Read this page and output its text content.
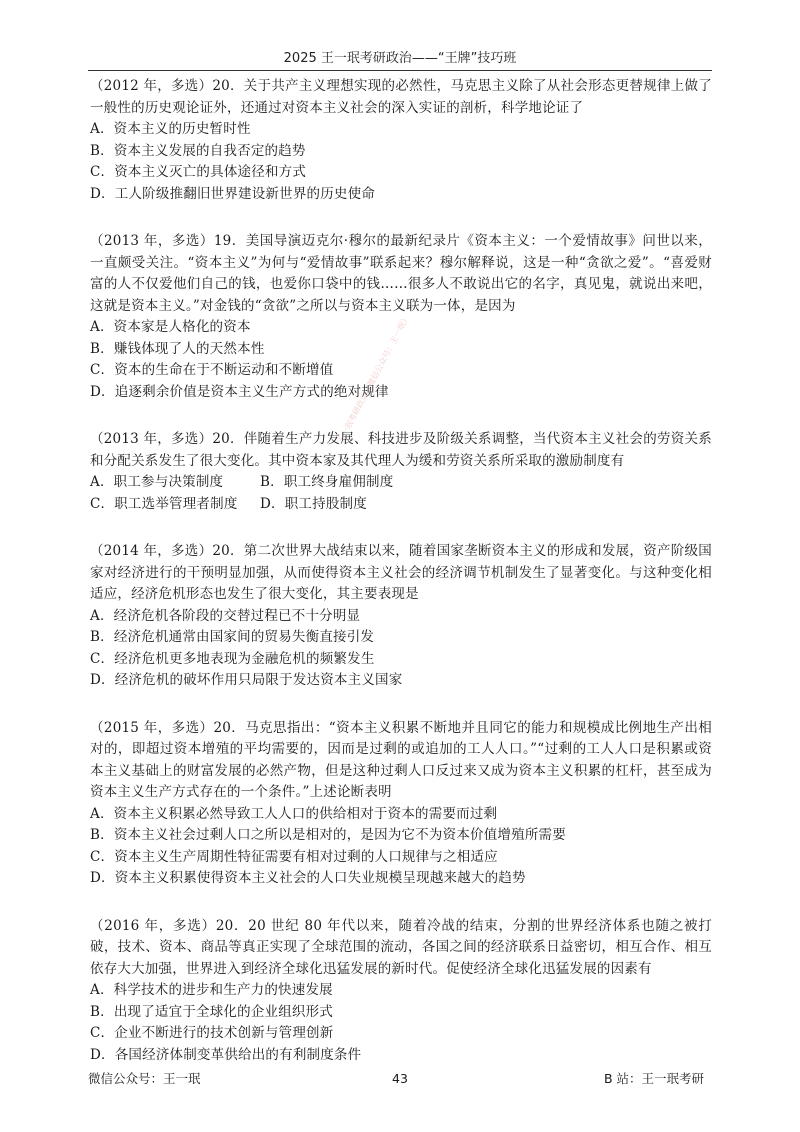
2025 王一珉考研政治——“王牌”技巧班
王一珉考研政治（微信公众号：王一珉）

（2012 年，多选）20．关于共产主义理想实现的必然性，马克思主义除了从社会形态更替规律上做了一般性的历史观论证外，还通过对资本主义社会的深入实证的剖析，科学地论证了

A．资本主义的历史暂时性

B．资本主义发展的自我否定的趋势

C．资本主义灭亡的具体途径和方式

D．工人阶级推翻旧世界建设新世界的历史使命

（2013 年，多选）19．美国导演迈克尔·穆尔的最新纪录片《资本主义：一个爱情故事》问世以来，一直颇受关注。“资本主义”为何与“爱情故事”联系起来？穆尔解释说，这是一种“贪欲之爱”。“喜爱财富的人不仅爱他们自己的钱，也爱你口袋中的钱……很多人不敢说出它的名字，真见鬼，就说出来吧，这就是资本主义。”对金钱的“贪欲”之所以与资本主义联为一体，是因为

A．资本家是人格化的资本

B．赚钱体现了人的天然本性

C．资本的生命在于不断运动和不断增值

D．追逐剩余价值是资本主义生产方式的绝对规律

（2013 年，多选）20．伴随着生产力发展、科技进步及阶级关系调整，当代资本主义社会的劳资关系和分配关系发生了很大变化。其中资本家及其代理人为缓和劳资关系所采取的激励制度有

A．职工参与决策制度	B．职工终身雇佣制度

C．职工选举管理者制度	D．职工持股制度

（2014 年，多选）20．第二次世界大战结束以来，随着国家垄断资本主义的形成和发展，资产阶级国家对经济进行的干预明显加强，从而使得资本主义社会的经济调节机制发生了显著变化。与这种变化相适应，经济危机形态也发生了很大变化，其主要表现是

A．经济危机各阶段的交替过程已不十分明显

B．经济危机通常由国家间的贸易失衡直接引发

C．经济危机更多地表现为金融危机的频繁发生

D．经济危机的破坏作用只局限于发达资本主义国家

（2015 年，多选）20．马克思指出：“资本主义积累不断地并且同它的能力和规模成比例地生产出相对的，即超过资本增殖的平均需要的，因而是过剩的或追加的工人人口。”“过剩的工人人口是积累或资本主义基础上的财富发展的必然产物，但是这种过剩人口反过来又成为资本主义积累的杠杆，甚至成为资本主义生产方式存在的一个条件。”上述论断表明

A．资本主义积累必然导致工人人口的供给相对于资本的需要而过剩

B．资本主义社会过剩人口之所以是相对的，是因为它不为资本价值增殖所需要

C．资本主义生产周期性特征需要有相对过剩的人口规律与之相适应

D．资本主义积累使得资本主义社会的人口失业规模呈现越来越大的趋势

（2016 年，多选）20．20 世纪 80 年代以来，随着冷战的结束，分割的世界经济体系也随之被打破，技术、资本、商品等真正实现了全球范围的流动，各国之间的经济联系日益密切，相互合作、相互依存大大加强，世界进入到经济全球化迅猛发展的新时代。促使经济全球化迅猛发展的因素有

A．科学技术的进步和生产力的快速发展

B．出现了适宜于全球化的企业组织形式

C．企业不断进行的技术创新与管理创新

D．各国经济体制变革供给出的有利制度条件

微信公众号：王一珉	43	B 站：王一珉考研
